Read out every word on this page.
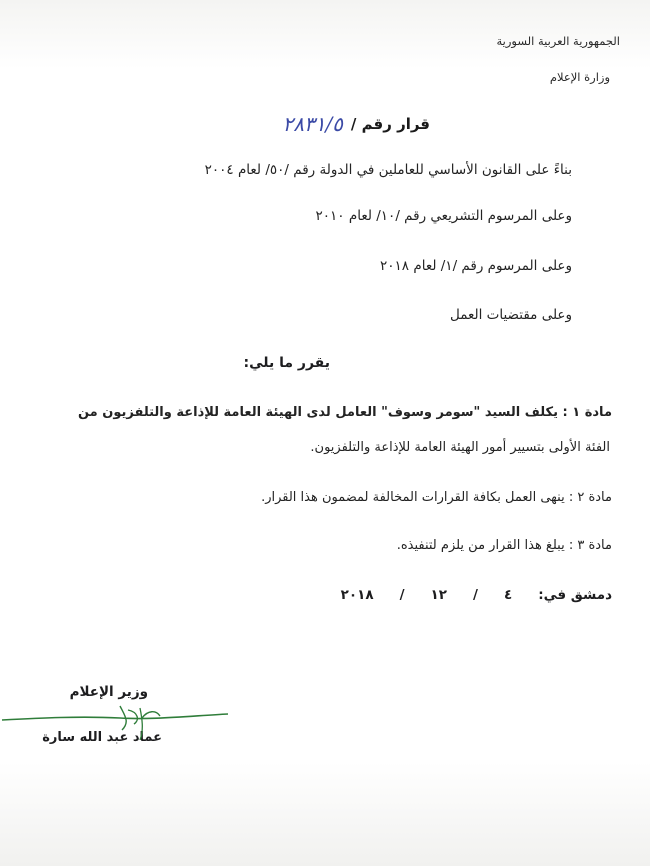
الجمهورية العربية السورية
وزارة الإعلام
قرار رقم /
٢٨٣١/٥
بناءً على القانون الأساسي للعاملين في الدولة رقم /٥٠/ لعام ٢٠٠٤
وعلى المرسوم التشريعي رقم /١٠/ لعام ٢٠١٠
وعلى المرسوم رقم /١/ لعام ٢٠١٨
وعلى مقتضيات العمل
يقرر ما يلي:
مادة ١ : يكلف السيد "سومر وسوف" العامل لدى الهيئة العامة للإذاعة والتلفزيون من
الفئة الأولى بتسيير أمور الهيئة العامة للإذاعة والتلفزيون.
مادة ٢ : ينهى العمل بكافة القرارات المخالفة لمضمون هذا القرار.
مادة ٣ : يبلغ هذا القرار من يلزم لتنفيذه.
دمشق في:
٤
/
١٢
/
٢٠١٨
وزير الإعلام
عماد عبد الله سارة
